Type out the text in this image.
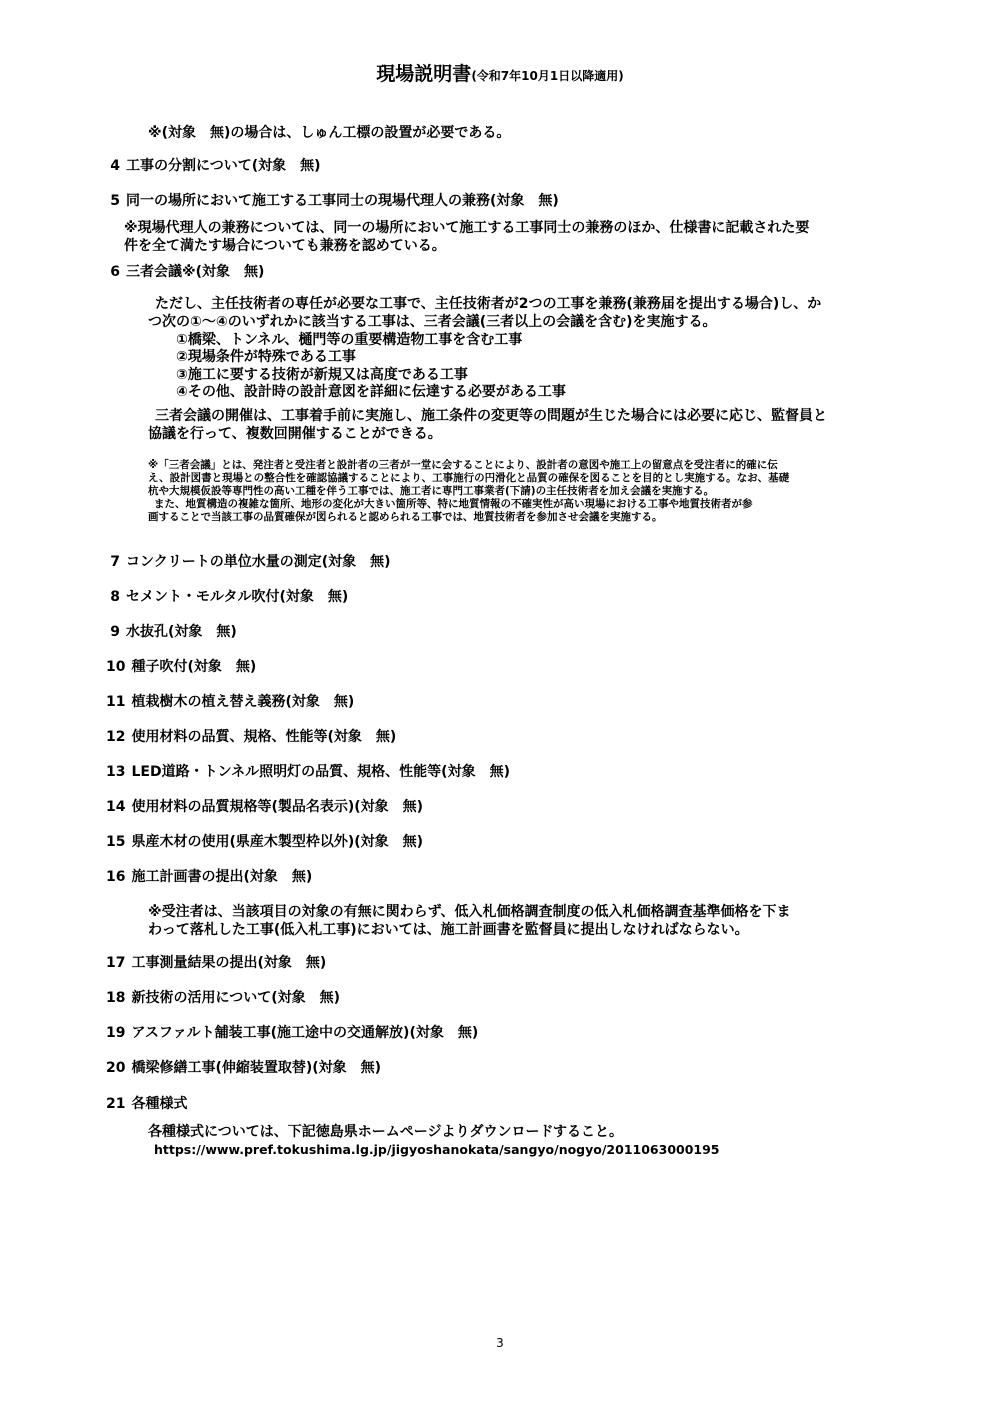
現場説明書(令和7年10月1日以降適用)
※(対象　無)の場合は、しゅん工標の設置が必要である。
4 工事の分割について(対象　無)
5 同一の場所において施工する工事同士の現場代理人の兼務(対象　無)
※現場代理人の兼務については、同一の場所において施工する工事同士の兼務のほか、仕様書に記載された要
件を全て満たす場合についても兼務を認めている。
6 三者会議※(対象　無)
ただし、主任技術者の専任が必要な工事で、主任技術者が2つの工事を兼務(兼務届を提出する場合)し、か
つ次の①～④のいずれかに該当する工事は、三者会議(三者以上の会議を含む)を実施する。
①橋梁、トンネル、樋門等の重要構造物工事を含む工事
②現場条件が特殊である工事
③施工に要する技術が新規又は高度である工事
④その他、設計時の設計意図を詳細に伝達する必要がある工事
三者会議の開催は、工事着手前に実施し、施工条件の変更等の問題が生じた場合には必要に応じ、監督員と
協議を行って、複数回開催することができる。
※「三者会議」とは、発注者と受注者と設計者の三者が一堂に会することにより、設計者の意図や施工上の留意点を受注者に的確に伝
え、設計図書と現場との整合性を確認協議することにより、工事施行の円滑化と品質の確保を図ることを目的とし実施する。なお、基礎
杭や大規模仮設等専門性の高い工種を伴う工事では、施工者に専門工事業者(下請)の主任技術者を加え会議を実施する。
また、地質構造の複雑な箇所、地形の変化が大きい箇所等、特に地質情報の不確実性が高い現場における工事や地質技術者が参
画することで当該工事の品質確保が図られると認められる工事では、地質技術者を参加させ会議を実施する。
7 コンクリートの単位水量の測定(対象　無)
8 セメント・モルタル吹付(対象　無)
9 水抜孔(対象　無)
10 種子吹付(対象　無)
11 植栽樹木の植え替え義務(対象　無)
12 使用材料の品質、規格、性能等(対象　無)
13 LED道路・トンネル照明灯の品質、規格、性能等(対象　無)
14 使用材料の品質規格等(製品名表示)(対象　無)
15 県産木材の使用(県産木製型枠以外)(対象　無)
16 施工計画書の提出(対象　無)
※受注者は、当該項目の対象の有無に関わらず、低入札価格調査制度の低入札価格調査基準価格を下ま
わって落札した工事(低入札工事)においては、施工計画書を監督員に提出しなければならない。
17 工事測量結果の提出(対象　無)
18 新技術の活用について(対象　無)
19 アスファルト舗装工事(施工途中の交通解放)(対象　無)
20 橋梁修繕工事(伸縮装置取替)(対象　無)
21 各種様式
各種様式については、下記徳島県ホームページよりダウンロードすること。
https://www.pref.tokushima.lg.jp/jigyoshanokata/sangyo/nogyo/2011063000195
3
